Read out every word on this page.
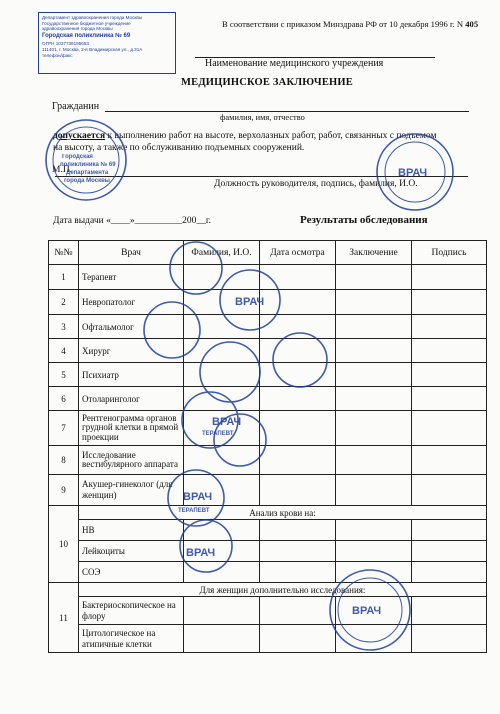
Департамент здравоохранения города Москвы
Государственное бюджетное учреждение
здравоохранения города Москвы
Городская поликлиника № 69
ОГРН 1037739195653
111401, г. Москва, 2-я Владимирская ул., д.31А
телефон/факс
В соответствии с приказом Минздрава РФ от 10 декабря 1996 г. N 405
Наименование медицинского учреждения
МЕДИЦИНСКОЕ ЗАКЛЮЧЕНИЕ
Гражданин
фамилия, имя, отчество
допускается к выполнению работ на высоте, верхолазных работ, работ, связанных с подъемом
на высоту, а также по обслуживанию подъемных сооружений.
М.П.
Должность руководителя, подпись, фамилия, И.О.
Дата выдачи «____»__________200__г.	Результаты обследования
№№	Врач	Фамилия, И.О.	Дата осмотра	Заключение	Подпись
1	Терапевт				
2	Невропатолог				
3	Офтальмолог				
4	Хирург				
5	Психиатр				
6	Отоларинголог				
7	Рентгенограмма органов грудной клетки в прямой проекции				
8	Исследование вестибулярного аппарата				
9	Акушер-гинеколог (для женщин)				
10	Анализ крови на:				
	НВ				
	Лейкоциты				
	СОЭ				
11	Для женщин дополнительно исследования:				
	Бактериоскопическое на флору				
	Цитологическое на атипичные клетки				
Городская
поликлиника № 69
Департамента
города Москвы
ВРАЧ
ВРАЧ
ВРАЧ
ВРАЧ
ВРАЧ
ТЕРАПЕВТ
ТЕРАПЕВТ
ВРАЧ
